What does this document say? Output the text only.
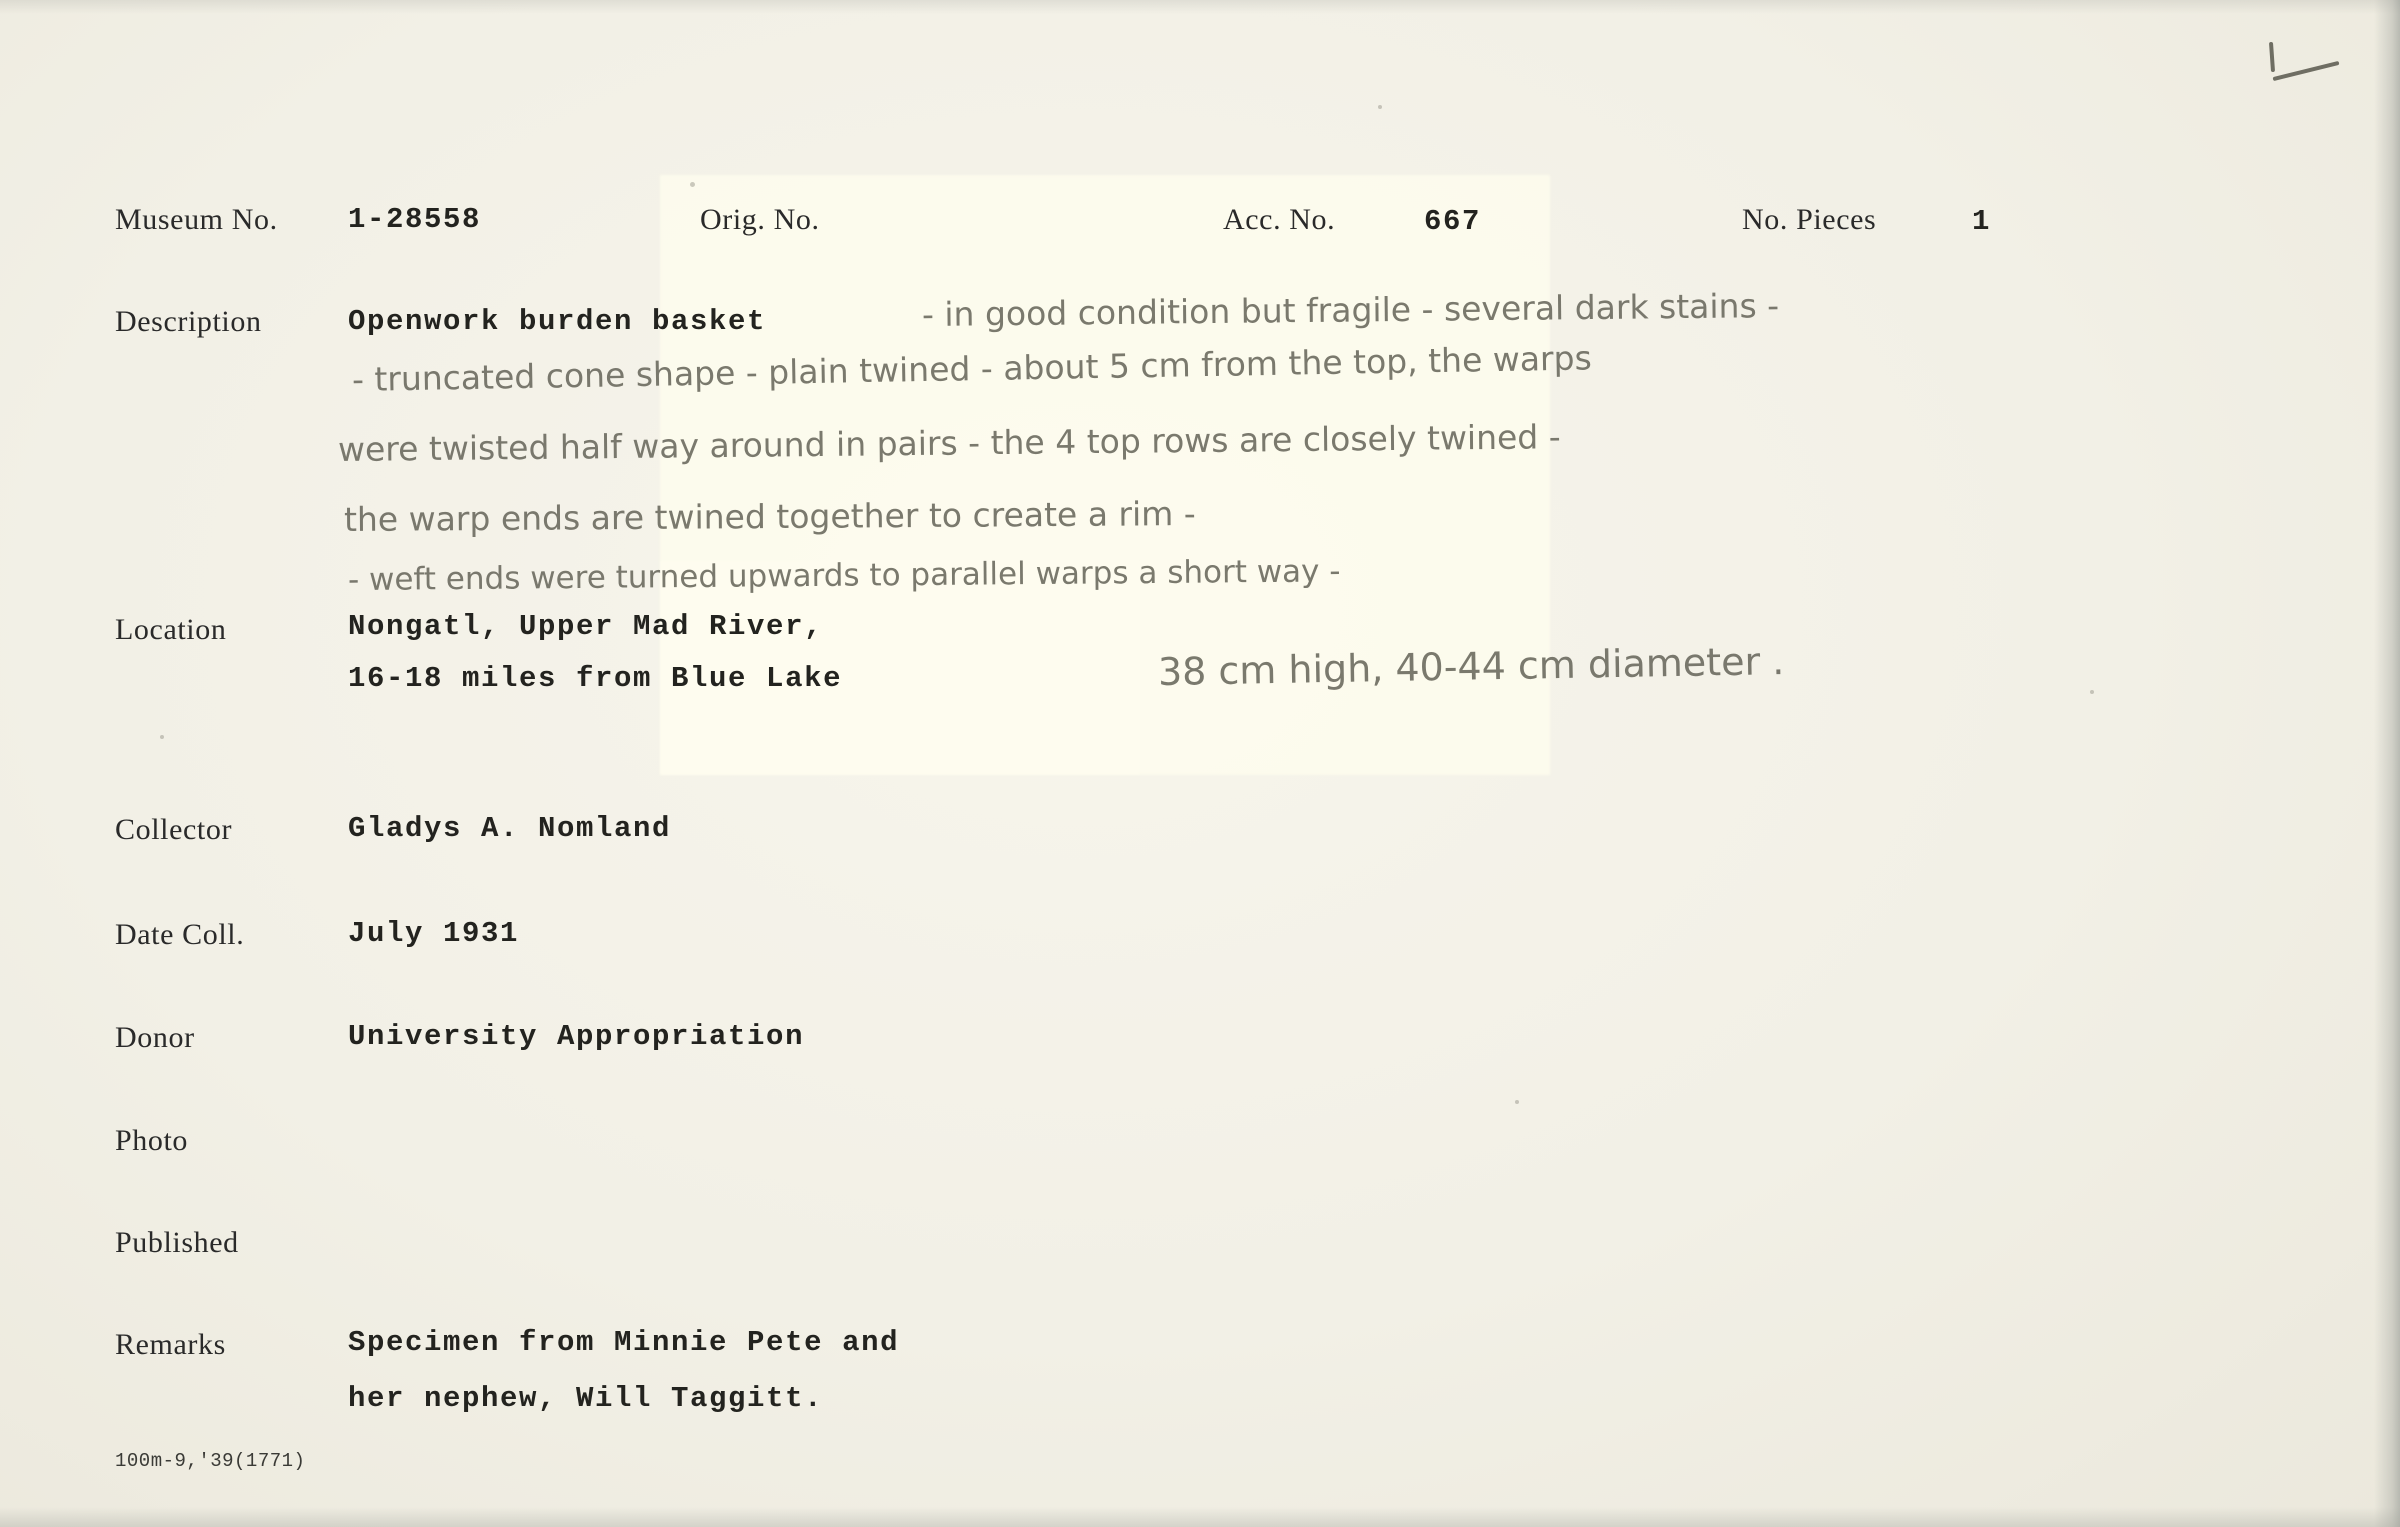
Museum No. 1-28558	Orig. No.	Acc. No.	667	No. Pieces	1
Description	Openwork burden basket	- in good condition but fragile - several dark stains -
- truncated cone shape - plain twined - about 5 cm from the top, the warps
were twisted half way around in pairs - the 4 top rows are closely twined -
the warp ends are twined together to create a rim -
- weft ends were turned upwards to parallel warps a short way -
Location	Nongatl, Upper Mad River,
16-18 miles from Blue Lake	38 cm high, 40-44 cm diameter .
Collector	Gladys A. Nomland
Date Coll.	July 1931
Donor	University Appropriation
Photo
Published
Remarks	Specimen from Minnie Pete and
her nephew, Will Taggitt.
100m-9,'39(1771)
